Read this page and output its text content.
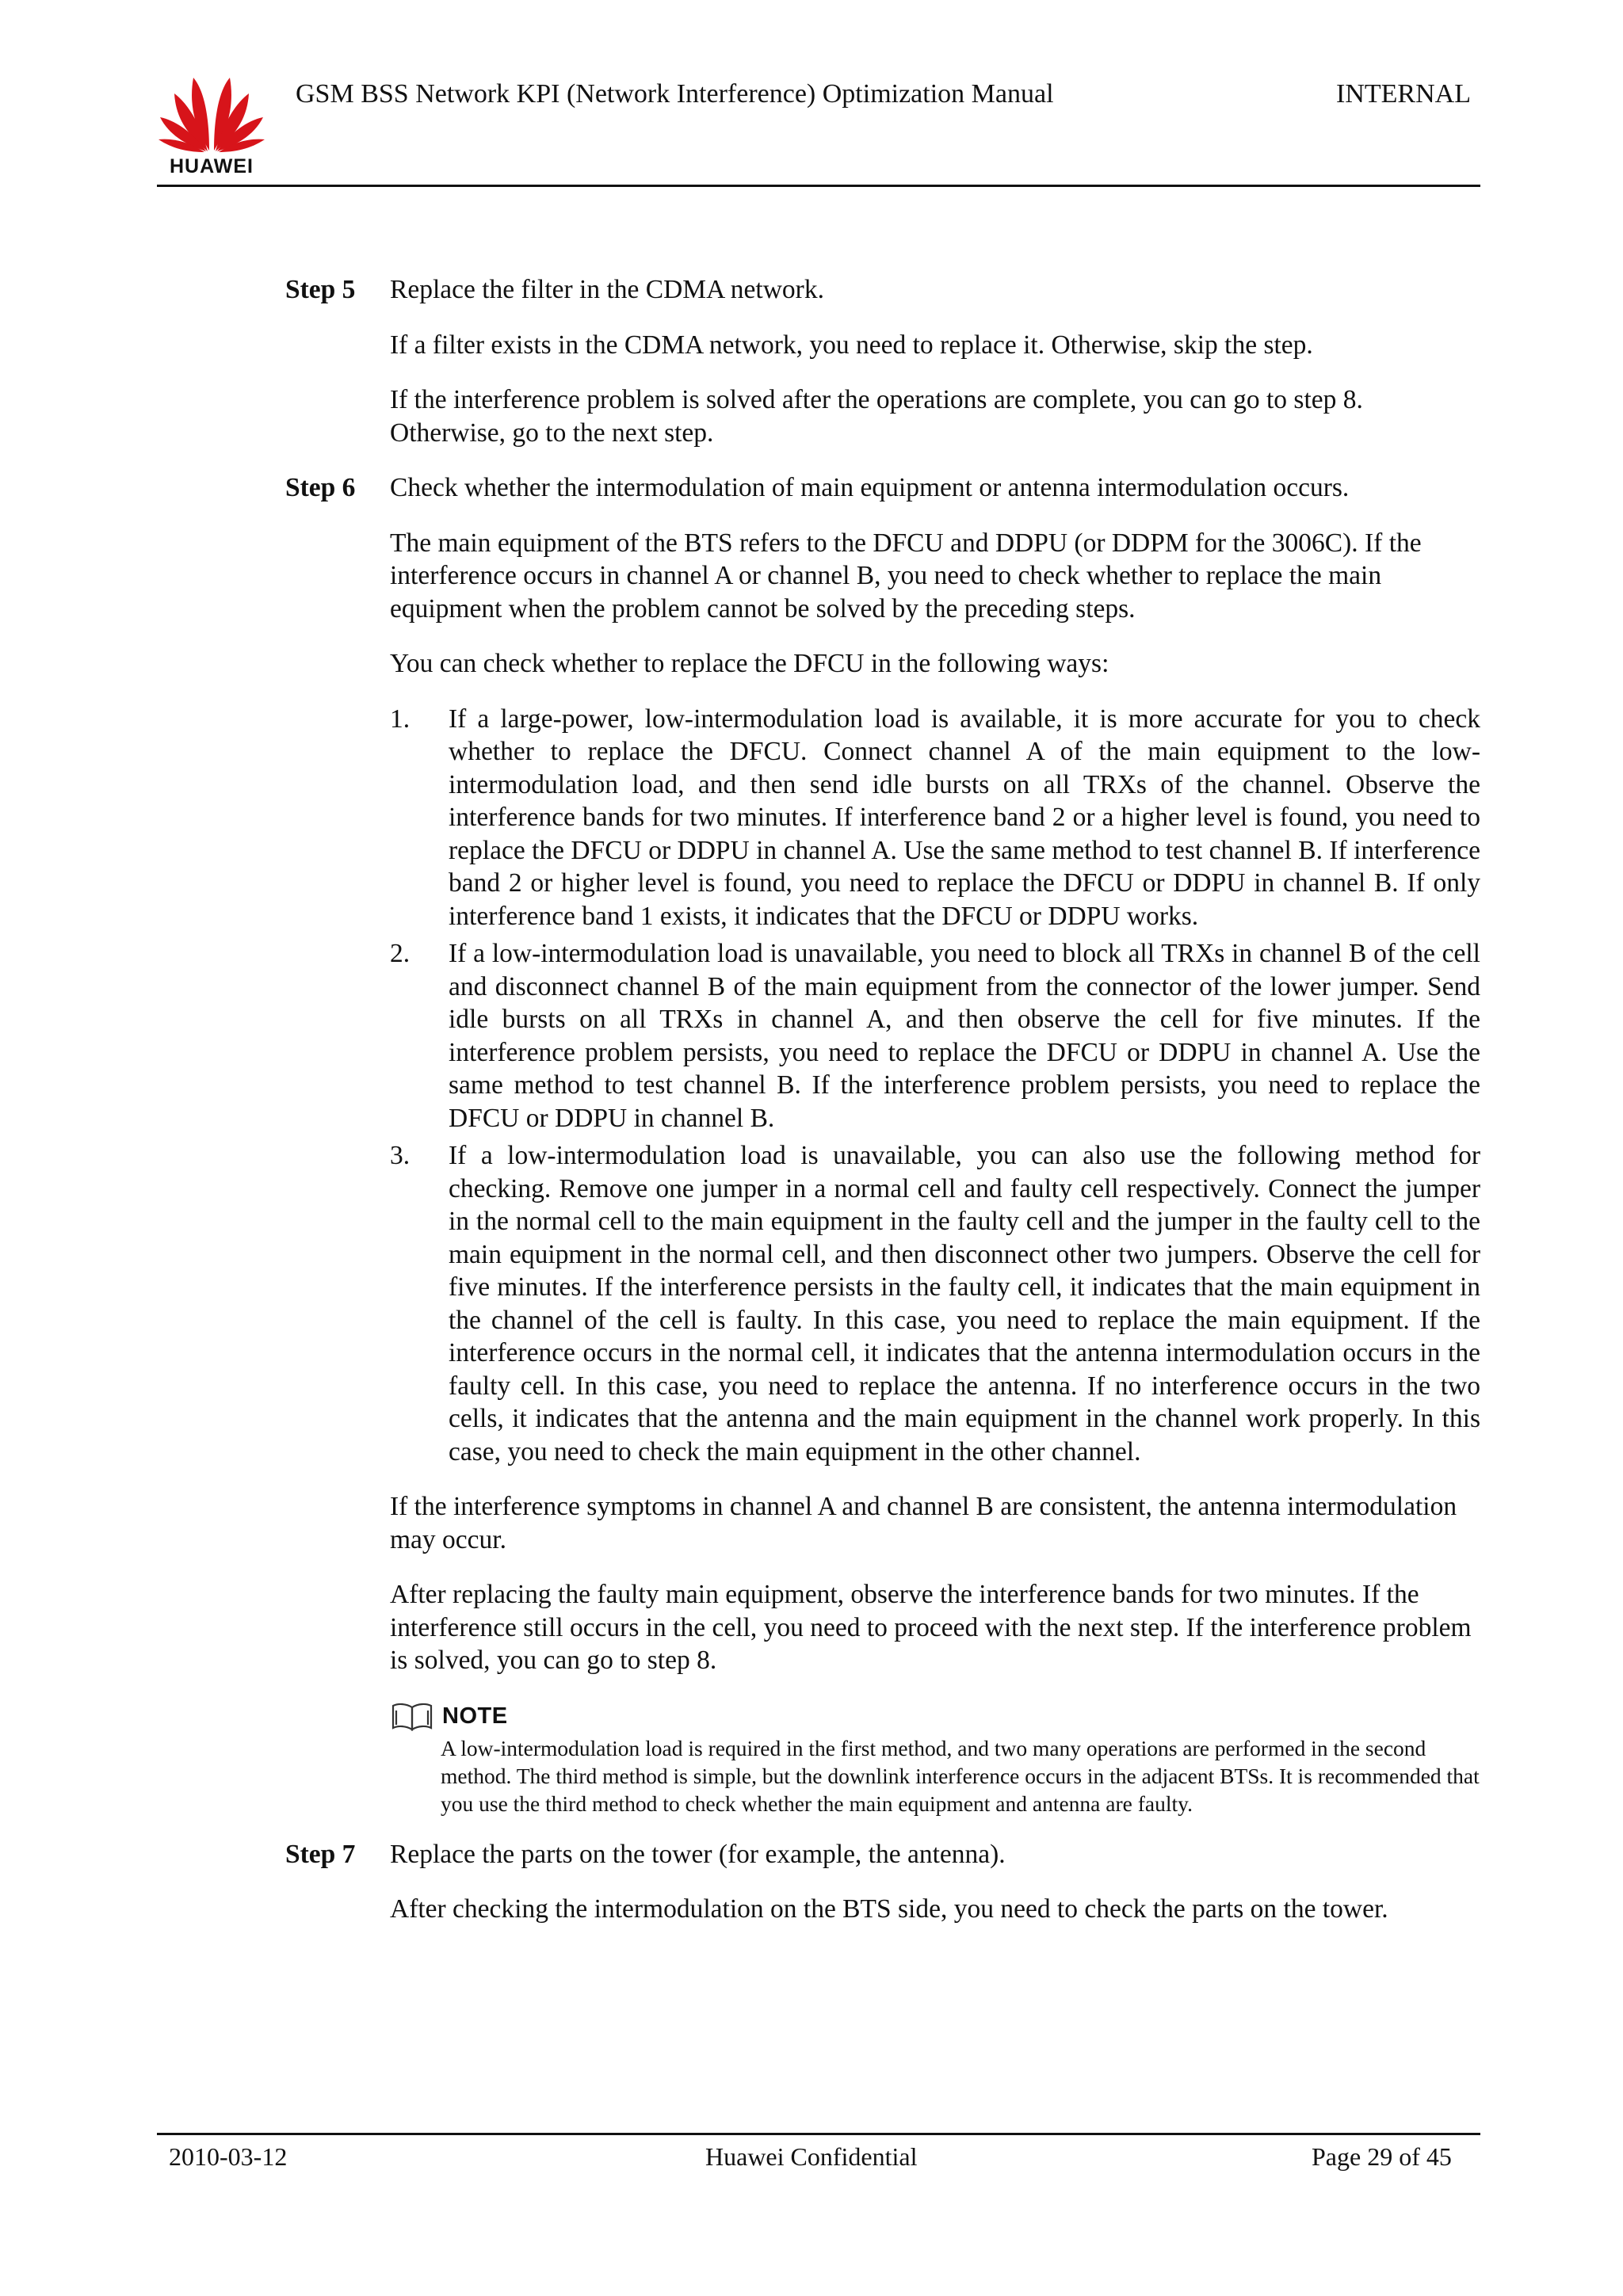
HUAWEI
GSM BSS Network KPI (Network Interference) Optimization Manual	INTERNAL
Step 5 Replace the filter in the CDMA network.

If a filter exists in the CDMA network, you need to replace it. Otherwise, skip the step.

If the interference problem is solved after the operations are complete, you can go to step 8. Otherwise, go to the next step.

Step 6 Check whether the intermodulation of main equipment or antenna intermodulation occurs.

The main equipment of the BTS refers to the DFCU and DDPU (or DDPM for the 3006C). If the interference occurs in channel A or channel B, you need to check whether to replace the main equipment when the problem cannot be solved by the preceding steps.

You can check whether to replace the DFCU in the following ways:

1. If a large-power, low-intermodulation load is available, it is more accurate for you to check whether to replace the DFCU. Connect channel A of the main equipment to the low-intermodulation load, and then send idle bursts on all TRXs of the channel. Observe the interference bands for two minutes. If interference band 2 or a higher level is found, you need to replace the DFCU or DDPU in channel A. Use the same method to test channel B. If interference band 2 or higher level is found, you need to replace the DFCU or DDPU in channel B. If only interference band 1 exists, it indicates that the DFCU or DDPU works.
2. If a low-intermodulation load is unavailable, you need to block all TRXs in channel B of the cell and disconnect channel B of the main equipment from the connector of the lower jumper. Send idle bursts on all TRXs in channel A, and then observe the cell for five minutes. If the interference problem persists, you need to replace the DFCU or DDPU in channel A. Use the same method to test channel B. If the interference problem persists, you need to replace the DFCU or DDPU in channel B.
3. If a low-intermodulation load is unavailable, you can also use the following method for checking. Remove one jumper in a normal cell and faulty cell respectively. Connect the jumper in the normal cell to the main equipment in the faulty cell and the jumper in the faulty cell to the main equipment in the normal cell, and then disconnect other two jumpers. Observe the cell for five minutes. If the interference persists in the faulty cell, it indicates that the main equipment in the channel of the cell is faulty. In this case, you need to replace the main equipment. If the interference occurs in the normal cell, it indicates that the antenna intermodulation occurs in the faulty cell. In this case, you need to replace the antenna. If no interference occurs in the two cells, it indicates that the antenna and the main equipment in the channel work properly. In this case, you need to check the main equipment in the other channel.

If the interference symptoms in channel A and channel B are consistent, the antenna intermodulation may occur.

After replacing the faulty main equipment, observe the interference bands for two minutes. If the interference still occurs in the cell, you need to proceed with the next step. If the interference problem is solved, you can go to step 8.

NOTE

A low-intermodulation load is required in the first method, and two many operations are performed in the second method. The third method is simple, but the downlink interference occurs in the adjacent BTSs. It is recommended that you use the third method to check whether the main equipment and antenna are faulty.

Step 7 Replace the parts on the tower (for example, the antenna).

After checking the intermodulation on the BTS side, you need to check the parts on the tower.

2010-03-12	Huawei Confidential	Page 29 of 45
